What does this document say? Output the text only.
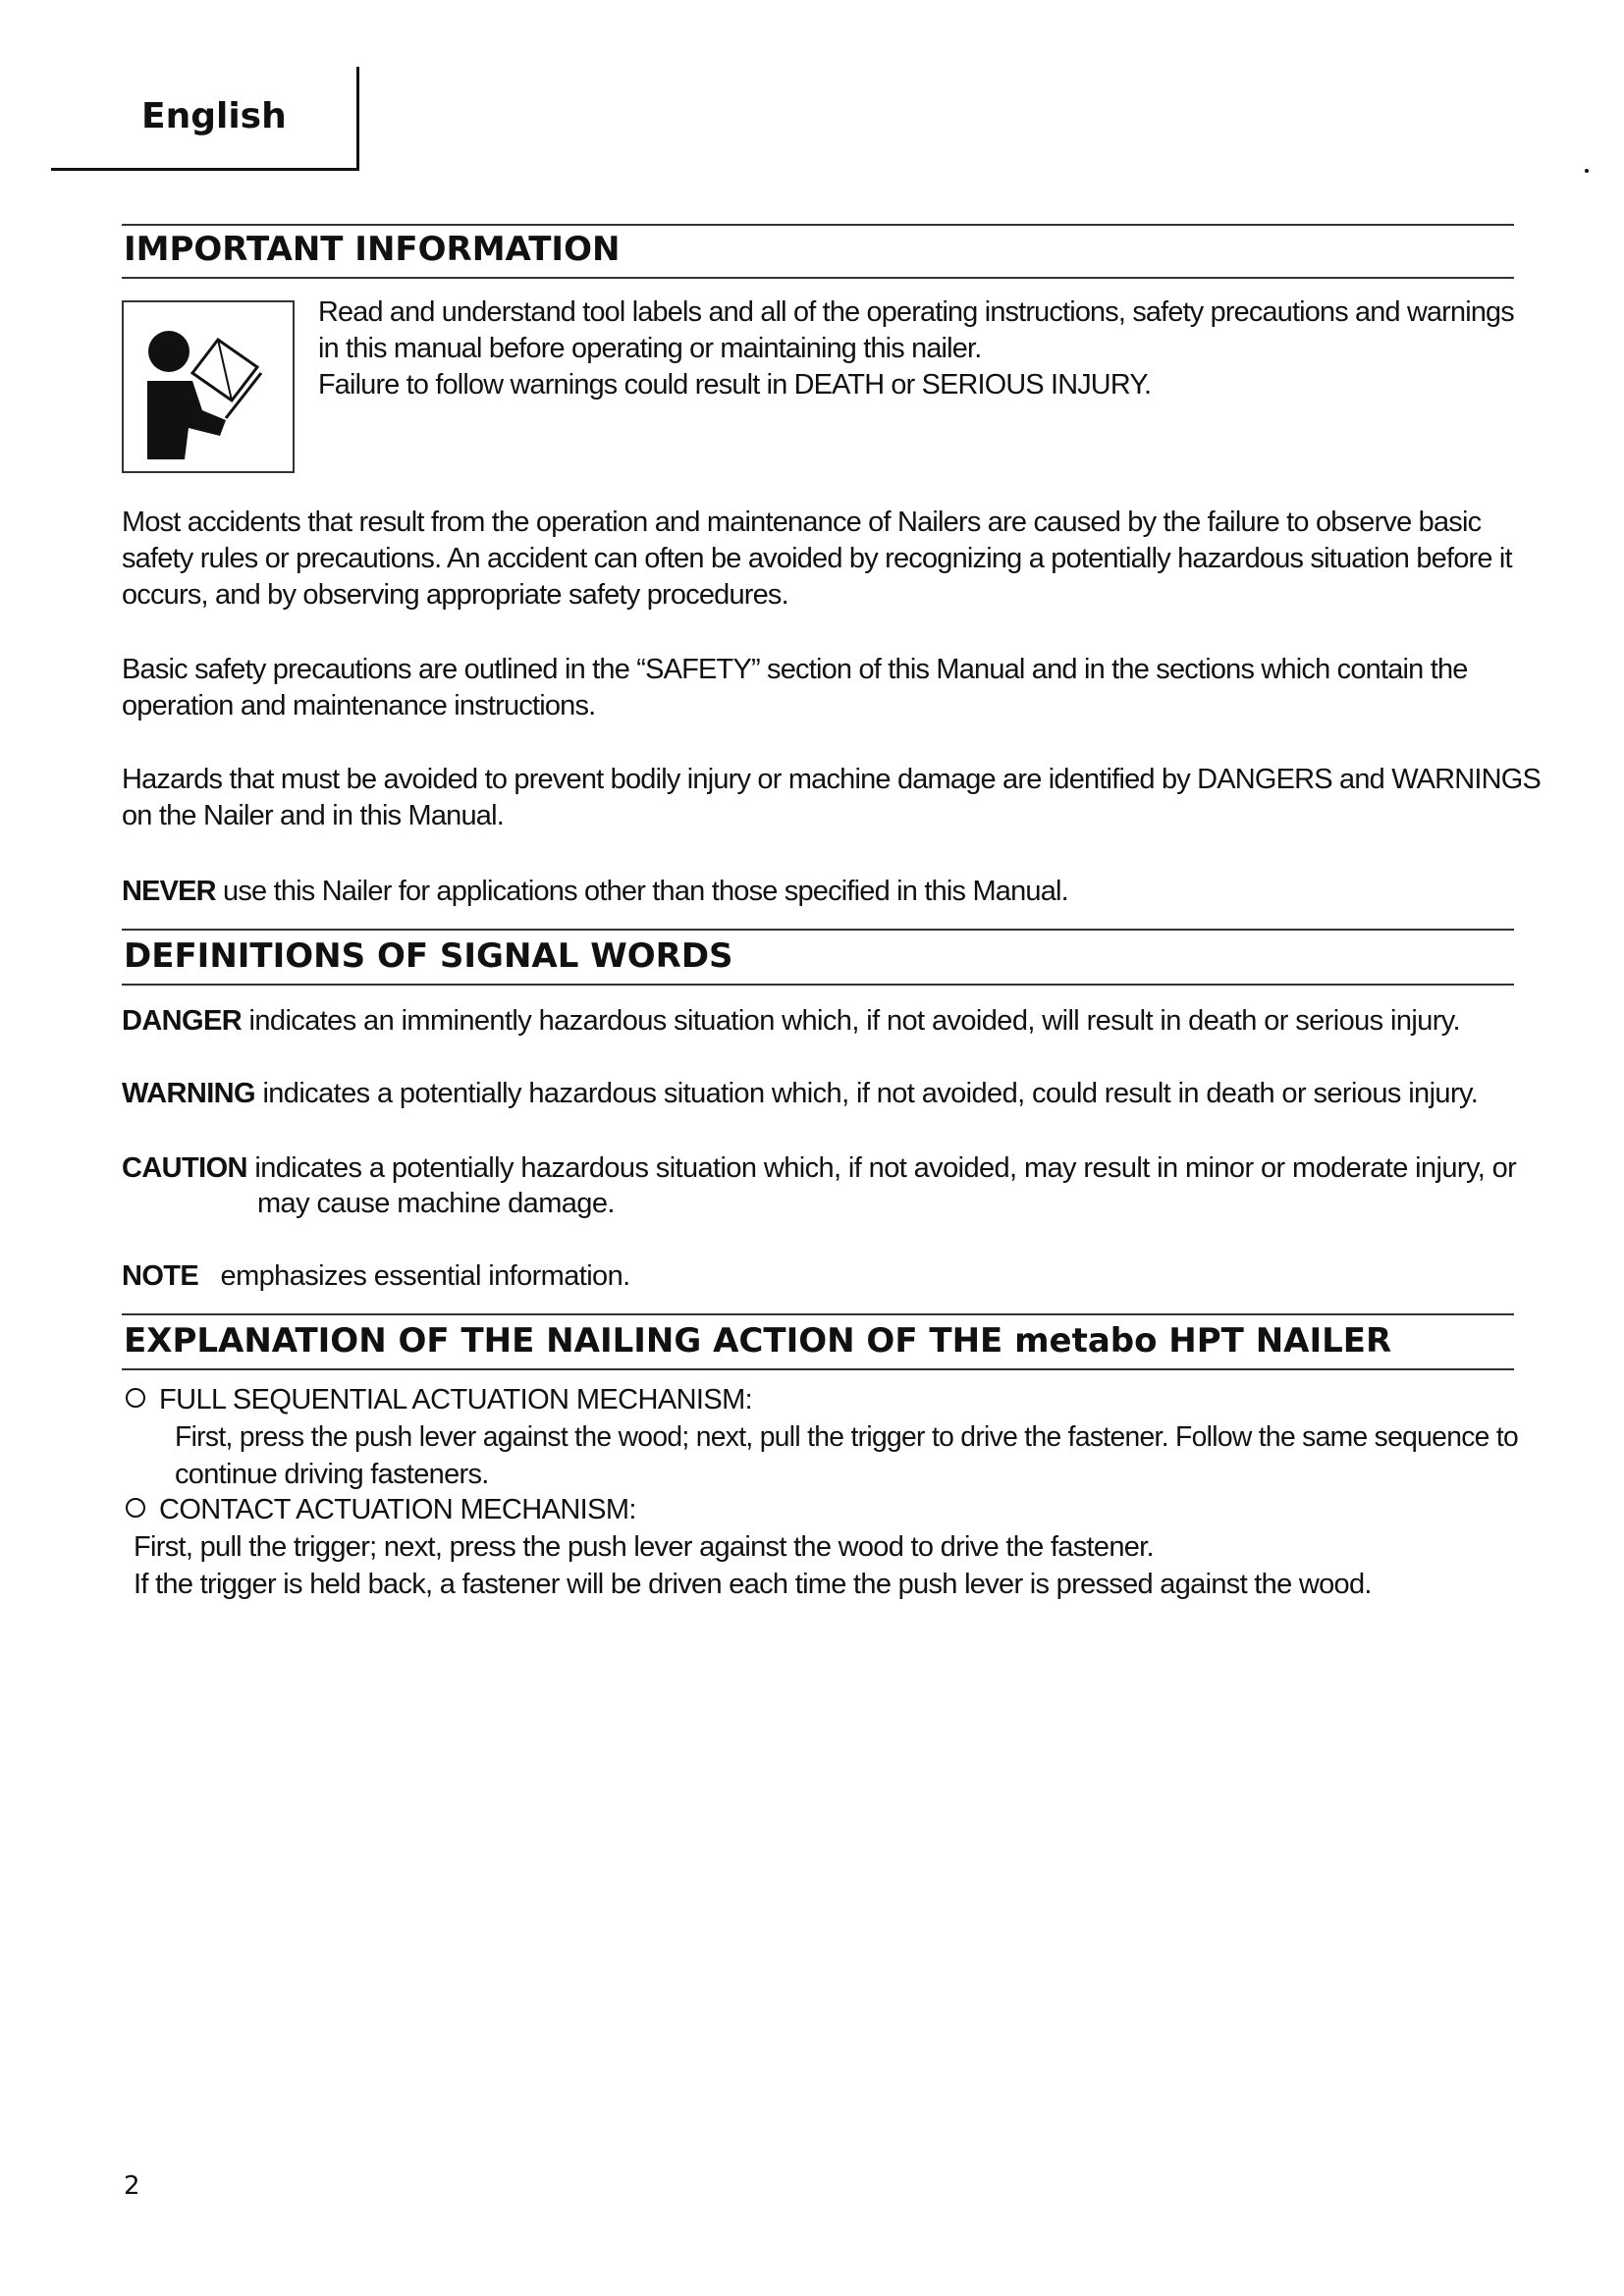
English
IMPORTANT INFORMATION
Read and understand tool labels and all of the operating instructions, safety precautions and warnings
in this manual before operating or maintaining this nailer.
Failure to follow warnings could result in DEATH or SERIOUS INJURY.
Most accidents that result from the operation and maintenance of Nailers are caused by the failure to observe basic
safety rules or precautions. An accident can often be avoided by recognizing a potentially hazardous situation before it
occurs, and by observing appropriate safety procedures.
Basic safety precautions are outlined in the “SAFETY” section of this Manual and in the sections which contain the
operation and maintenance instructions.
Hazards that must be avoided to prevent bodily injury or machine damage are identified by DANGERS and WARNINGS
on the Nailer and in this Manual.
NEVER use this Nailer for applications other than those specified in this Manual.
DEFINITIONS OF SIGNAL WORDS
DANGER indicates an imminently hazardous situation which, if not avoided, will result in death or serious injury.
WARNING indicates a potentially hazardous situation which, if not avoided, could result in death or serious injury.
CAUTION indicates a potentially hazardous situation which, if not avoided, may result in minor or moderate injury, or
may cause machine damage.
NOTE emphasizes essential information.
EXPLANATION OF THE NAILING ACTION OF THE metabo HPT NAILER
FULL SEQUENTIAL ACTUATION MECHANISM:
First, press the push lever against the wood; next, pull the trigger to drive the fastener. Follow the same sequence to
continue driving fasteners.
CONTACT ACTUATION MECHANISM:
First, pull the trigger; next, press the push lever against the wood to drive the fastener.
If the trigger is held back, a fastener will be driven each time the push lever is pressed against the wood.
2
